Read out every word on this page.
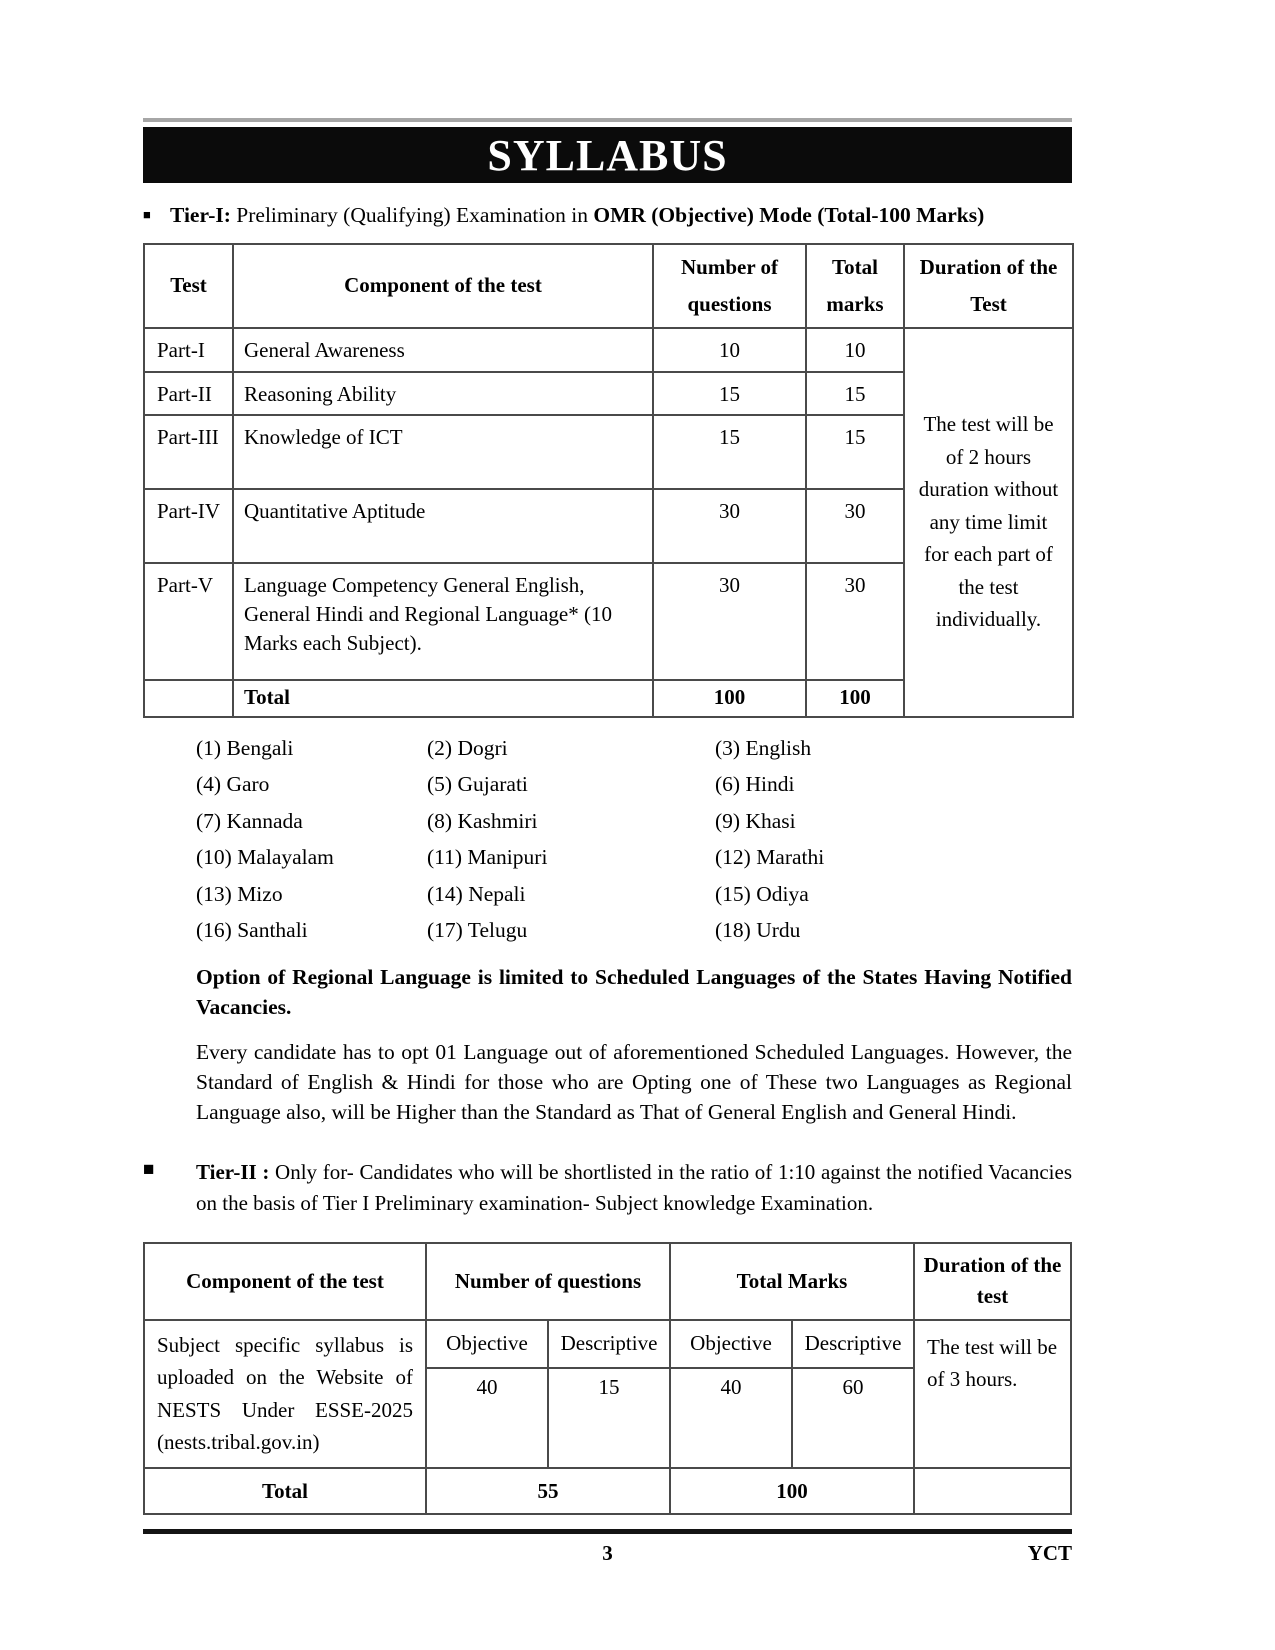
SYLLABUS
■ Tier-I: Preliminary (Qualifying) Examination in OMR (Objective) Mode (Total-100 Marks)
Test	Component of the test	Number of questions	Total marks	Duration of the Test
Part-I	General Awareness	10	10	The test will be of 2 hours duration without any time limit for each part of the test individually.
Part-II	Reasoning Ability	15	15	
Part-III	Knowledge of ICT	15	15	
Part-IV	Quantitative Aptitude	30	30	
Part-V	Language Competency General English, General Hindi and Regional Language* (10 Marks each Subject).	30	30	
	Total	100	100	
(1) Bengali	(2) Dogri	(3) English
(4) Garo	(5) Gujarati	(6) Hindi
(7) Kannada	(8) Kashmiri	(9) Khasi
(10) Malayalam	(11) Manipuri	(12) Marathi
(13) Mizo	(14) Nepali	(15) Odiya
(16) Santhali	(17) Telugu	(18) Urdu

Option of Regional Language is limited to Scheduled Languages of the States Having Notified Vacancies.

Every candidate has to opt 01 Language out of aforementioned Scheduled Languages. However, the Standard of English & Hindi for those who are Opting one of These two Languages as Regional Language also, will be Higher than the Standard as That of General English and General Hindi.

■	Tier-II : Only for- Candidates who will be shortlisted in the ratio of 1:10 against the notified Vacancies on the basis of Tier I Preliminary examination- Subject knowledge Examination.

Component of the test	Number of questions		Total Marks		Duration of the test
Subject specific syllabus is uploaded on the Website of NESTS Under ESSE-2025 (nests.tribal.gov.in)	Objective	Descriptive	Objective	Descriptive	The test will be of 3 hours.
	40	15	40	60	
Total	55		100		
3	YCT
